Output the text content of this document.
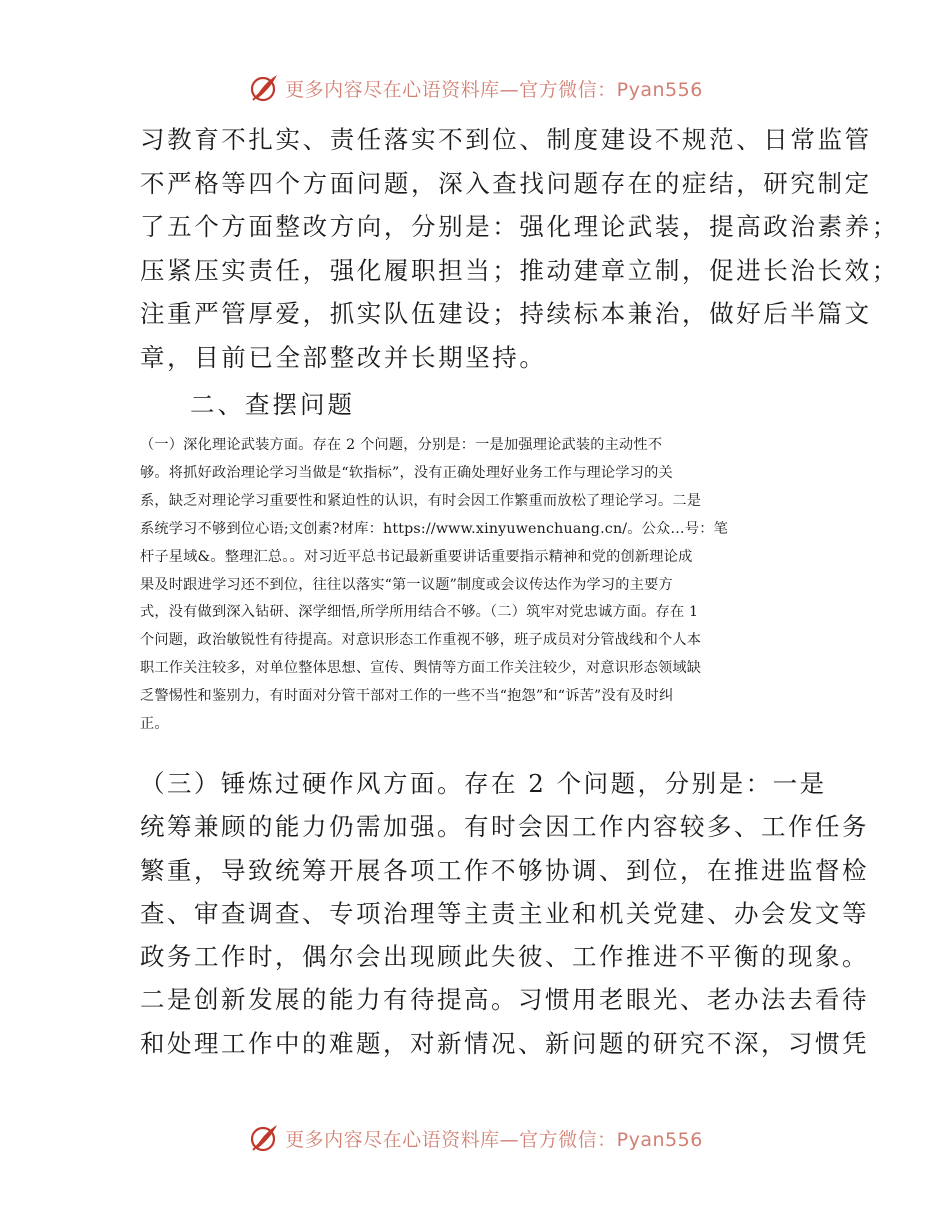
更多内容尽在心语资料库—官方微信：Pyan556

习教育不扎实、责任落实不到位、制度建设不规范、日常监管

不严格等四个方面问题，深入查找问题存在的症结，研究制定

了五个方面整改方向，分别是：强化理论武装，提高政治素养；

压紧压实责任，强化履职担当；推动建章立制，促进长治长效；

注重严管厚爱，抓实队伍建设；持续标本兼治，做好后半篇文

章，目前已全部整改并长期坚持。

二、查摆问题

（一）深化理论武装方面。存在 2 个问题，分别是：一是加强理论武装的主动性不

够。将抓好政治理论学习当做是“软指标”，没有正确处理好业务工作与理论学习的关

系，缺乏对理论学习重要性和紧迫性的认识，有时会因工作繁重而放松了理论学习。二是

系统学习不够到位心语;文创素?材库：https://www.xinyuwenchuang.cn/。公众…号：笔

杆子星域&。整理汇总。。对习近平总书记最新重要讲话重要指示精神和党的创新理论成

果及时跟进学习还不到位，往往以落实“第一议题”制度或会议传达作为学习的主要方

式，没有做到深入钻研、深学细悟,所学所用结合不够。（二）筑牢对党忠诚方面。存在 1

个问题，政治敏锐性有待提高。对意识形态工作重视不够，班子成员对分管战线和个人本

职工作关注较多，对单位整体思想、宣传、舆情等方面工作关注较少，对意识形态领域缺

乏警惕性和鉴别力，有时面对分管干部对工作的一些不当“抱怨”和“诉苦”没有及时纠

正。

（三）锤炼过硬作风方面。存在 2 个问题，分别是：一是

统筹兼顾的能力仍需加强。有时会因工作内容较多、工作任务

繁重，导致统筹开展各项工作不够协调、到位，在推进监督检

查、审查调查、专项治理等主责主业和机关党建、办会发文等

政务工作时，偶尔会出现顾此失彼、工作推进不平衡的现象。

二是创新发展的能力有待提高。习惯用老眼光、老办法去看待

和处理工作中的难题，对新情况、新问题的研究不深，习惯凭

更多内容尽在心语资料库—官方微信：Pyan556
